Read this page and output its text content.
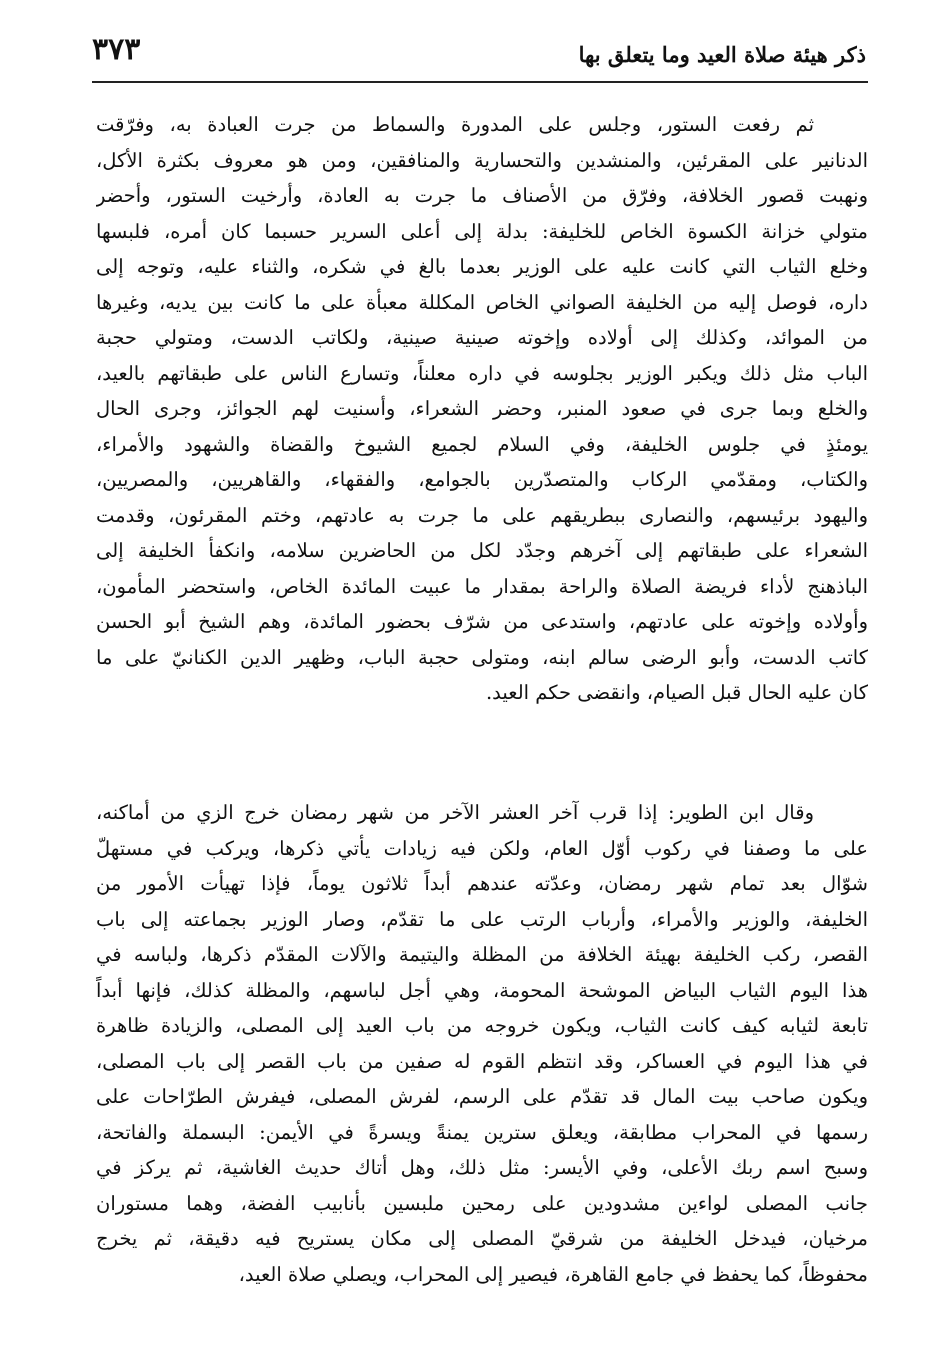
ذكر هيئة صلاة العيد وما يتعلق بها
٣٧٣
ثم رفعت الستور، وجلس على المدورة والسماط من جرت العبادة به، وفرّقت
الدنانير على المقرئين، والمنشدين والتحسارية والمنافقين، ومن هو معروف بكثرة الأكل،
ونهبت قصور الخلافة، وفرّق من الأصناف ما جرت به العادة، وأرخيت الستور، وأحضر
متولي خزانة الكسوة الخاص للخليفة: بدلة إلى أعلى السرير حسبما كان أمره، فلبسها
وخلع الثياب التي كانت عليه على الوزير بعدما بالغ في شكره، والثناء عليه، وتوجه إلى
داره، فوصل إليه من الخليفة الصواني الخاص المكللة معبأة على ما كانت بين يديه، وغيرها
من الموائد، وكذلك إلى أولاده وإخوته صينية صينية، ولكاتب الدست، ومتولي حجبة
الباب مثل ذلك ويكبر الوزير بجلوسه في داره معلناً، وتسارع الناس على طبقاتهم بالعيد،
والخلع وبما جرى في صعود المنبر، وحضر الشعراء، وأسنيت لهم الجوائز، وجرى الحال
يومئذٍ في جلوس الخليفة، وفي السلام لجميع الشيوخ والقضاة والشهود والأمراء،
والكتاب، ومقدّمي الركاب والمتصدّرين بالجوامع، والفقهاء، والقاهريين، والمصريين،
واليهود برئيسهم، والنصارى ببطريقهم على ما جرت به عادتهم، وختم المقرئون، وقدمت
الشعراء على طبقاتهم إلى آخرهم وجدّد لكل من الحاضرين سلامه، وانكفأ الخليفة إلى
الباذهنج لأداء فريضة الصلاة والراحة بمقدار ما عبيت المائدة الخاص، واستحضر المأمون،
وأولاده وإخوته على عادتهم، واستدعى من شرّف بحضور المائدة، وهم الشيخ أبو الحسن
كاتب الدست، وأبو الرضى سالم ابنه، ومتولى حجبة الباب، وظهير الدين الكنانيّ على ما
كان عليه الحال قبل الصيام، وانقضى حكم العيد.
وقال ابن الطوير: إذا قرب آخر العشر الآخر من شهر رمضان خرج الزي من أماكنه،
على ما وصفنا في ركوب أوّل العام، ولكن فيه زيادات يأتي ذكرها، ويركب في مستهلّ
شوّال بعد تمام شهر رمضان، وعدّته عندهم أبداً ثلاثون يوماً، فإذا تهيأت الأمور من
الخليفة، والوزير والأمراء، وأرباب الرتب على ما تقدّم، وصار الوزير بجماعته إلى باب
القصر، ركب الخليفة بهيئة الخلافة من المظلة واليتيمة والآلات المقدّم ذكرها، ولباسه في
هذا اليوم الثياب البياض الموشحة المحومة، وهي أجل لباسهم، والمظلة كذلك، فإنها أبداً
تابعة لثيابه كيف كانت الثياب، ويكون خروجه من باب العيد إلى المصلى، والزيادة ظاهرة
في هذا اليوم في العساكر، وقد انتظم القوم له صفين من باب القصر إلى باب المصلى،
ويكون صاحب بيت المال قد تقدّم على الرسم، لفرش المصلى، فيفرش الطرّاحات على
رسمها في المحراب مطابقة، ويعلق سترين يمنةً ويسرةً في الأيمن: البسملة والفاتحة،
وسبح اسم ربك الأعلى، وفي الأيسر: مثل ذلك، وهل أتاك حديث الغاشية، ثم يركز في
جانب المصلى لواءين مشدودين على رمحين ملبسين بأنابيب الفضة، وهما مستوران
مرخيان، فيدخل الخليفة من شرقيّ المصلى إلى مكان يستريح فيه دقيقة، ثم يخرج
محفوظاً، كما يحفظ في جامع القاهرة، فيصير إلى المحراب، ويصلي صلاة العيد،
